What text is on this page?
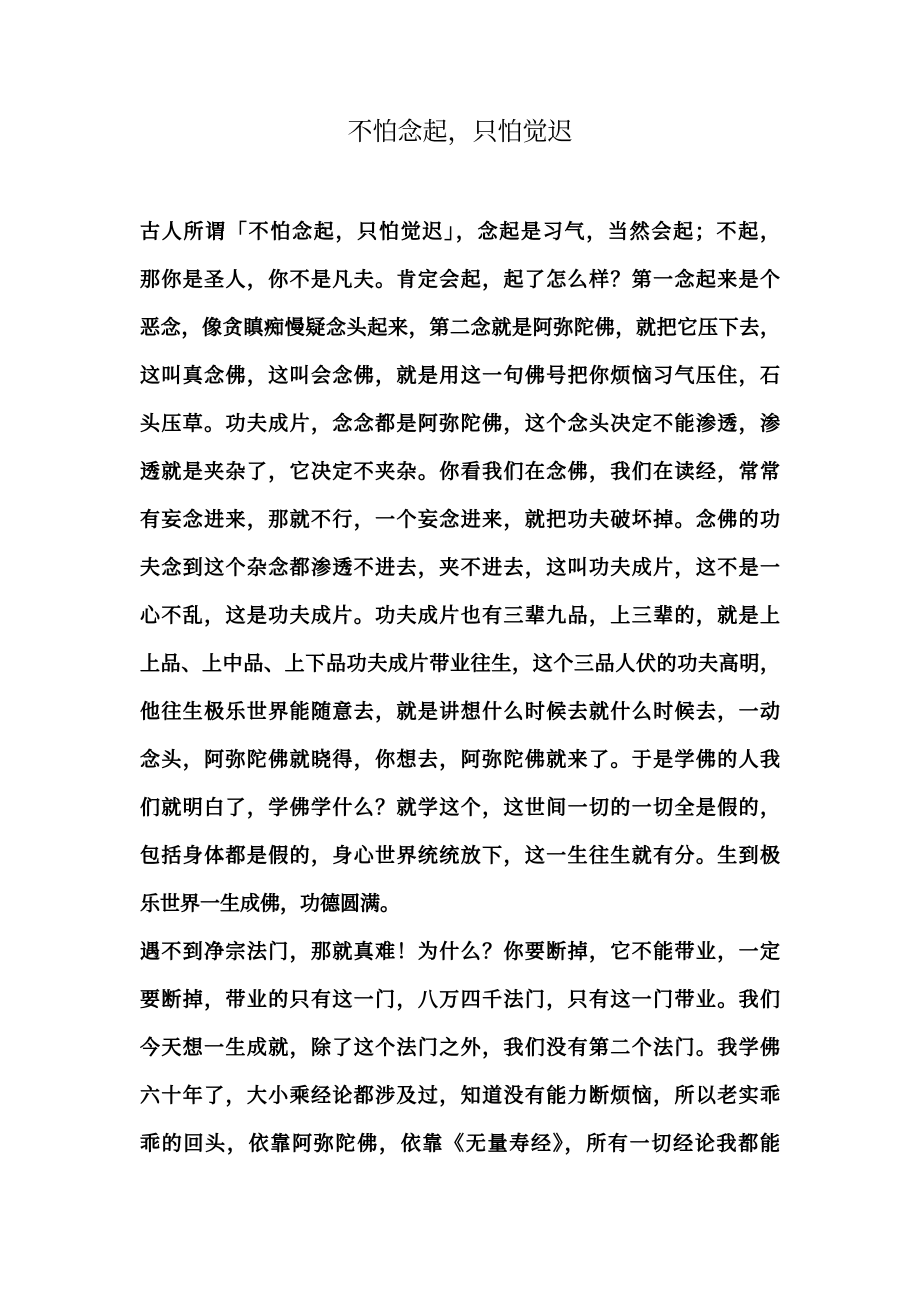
不怕念起，只怕觉迟
古人所谓「不怕念起，只怕觉迟」，念起是习气，当然会起；不起，
那你是圣人，你不是凡夫。肯定会起，起了怎么样？第一念起来是个
恶念，像贪瞋痴慢疑念头起来，第二念就是阿弥陀佛，就把它压下去，
这叫真念佛，这叫会念佛，就是用这一句佛号把你烦恼习气压住，石
头压草。功夫成片，念念都是阿弥陀佛，这个念头决定不能渗透，渗
透就是夹杂了，它决定不夹杂。你看我们在念佛，我们在读经，常常
有妄念进来，那就不行，一个妄念进来，就把功夫破坏掉。念佛的功
夫念到这个杂念都渗透不进去，夹不进去，这叫功夫成片，这不是一
心不乱，这是功夫成片。功夫成片也有三辈九品，上三辈的，就是上
上品、上中品、上下品功夫成片带业往生，这个三品人伏的功夫高明，
他往生极乐世界能随意去，就是讲想什么时候去就什么时候去，一动
念头，阿弥陀佛就晓得，你想去，阿弥陀佛就来了。于是学佛的人我
们就明白了，学佛学什么？就学这个，这世间一切的一切全是假的，
包括身体都是假的，身心世界统统放下，这一生往生就有分。生到极
乐世界一生成佛，功德圆满。
遇不到净宗法门，那就真难！为什么？你要断掉，它不能带业，一定
要断掉，带业的只有这一门，八万四千法门，只有这一门带业。我们
今天想一生成就，除了这个法门之外，我们没有第二个法门。我学佛
六十年了，大小乘经论都涉及过，知道没有能力断烦恼，所以老实乖
乖的回头，依靠阿弥陀佛，依靠《无量寿经》，所有一切经论我都能
